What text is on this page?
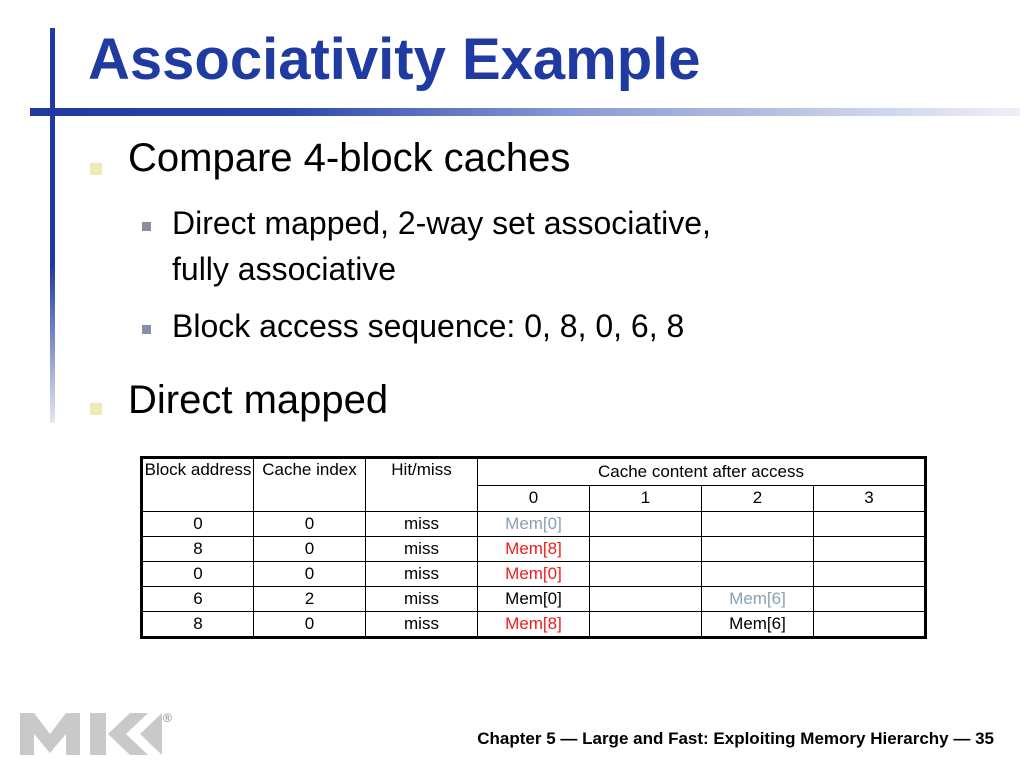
Associativity Example
Compare 4-block caches
Direct mapped, 2-way set associative,
fully associative
Block access sequence: 0, 8, 0, 6, 8
Direct mapped
Block address	Cache index	Hit/miss	Cache content after access			
			0	1	2	3
0	0	miss	Mem[0]			
8	0	miss	Mem[8]			
0	0	miss	Mem[0]			
6	2	miss	Mem[0]		Mem[6]	
8	0	miss	Mem[8]		Mem[6]	
®
Chapter 5 — Large and Fast: Exploiting Memory Hierarchy — 35
